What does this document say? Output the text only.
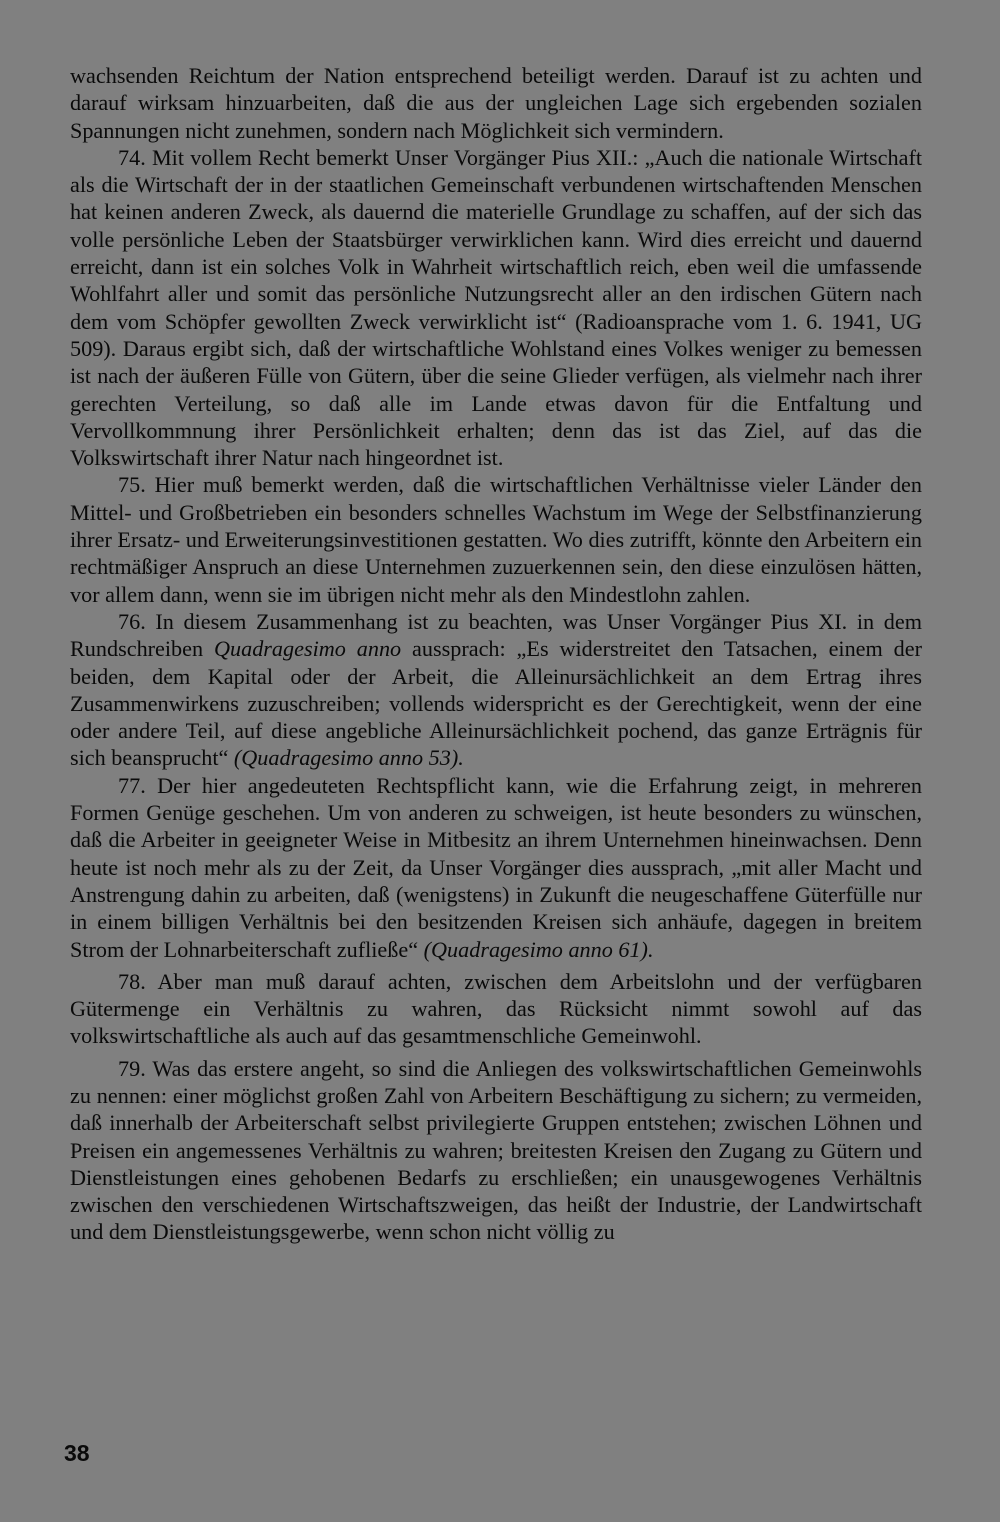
wachsenden Reichtum der Nation entsprechend beteiligt werden. Darauf ist zu achten und darauf wirksam hinzuarbeiten, daß die aus der ungleichen Lage sich ergebenden sozialen Spannungen nicht zunehmen, sondern nach Möglichkeit sich vermindern.

74. Mit vollem Recht bemerkt Unser Vorgänger Pius XII.: „Auch die nationale Wirtschaft als die Wirtschaft der in der staatlichen Gemeinschaft verbundenen wirtschaftenden Menschen hat keinen anderen Zweck, als dauernd die materielle Grundlage zu schaffen, auf der sich das volle persönliche Leben der Staatsbürger verwirklichen kann. Wird dies erreicht und dauernd erreicht, dann ist ein solches Volk in Wahrheit wirtschaftlich reich, eben weil die umfassende Wohlfahrt aller und somit das persönliche Nutzungsrecht aller an den irdischen Gütern nach dem vom Schöpfer gewollten Zweck verwirklicht ist“ (Radioansprache vom 1. 6. 1941, UG 509). Daraus ergibt sich, daß der wirtschaftliche Wohlstand eines Volkes weniger zu bemessen ist nach der äußeren Fülle von Gütern, über die seine Glieder verfügen, als vielmehr nach ihrer gerechten Verteilung, so daß alle im Lande etwas davon für die Entfaltung und Vervollkommnung ihrer Persönlichkeit erhalten; denn das ist das Ziel, auf das die Volkswirtschaft ihrer Natur nach hingeordnet ist.

75. Hier muß bemerkt werden, daß die wirtschaftlichen Verhältnisse vieler Länder den Mittel- und Großbetrieben ein besonders schnelles Wachstum im Wege der Selbstfinanzierung ihrer Ersatz- und Erweiterungsinvestitionen gestatten. Wo dies zutrifft, könnte den Arbeitern ein rechtmäßiger Anspruch an diese Unternehmen zuzuerkennen sein, den diese einzulösen hätten, vor allem dann, wenn sie im übrigen nicht mehr als den Mindestlohn zahlen.

76. In diesem Zusammenhang ist zu beachten, was Unser Vorgänger Pius XI. in dem Rundschreiben Quadragesimo anno aussprach: „Es widerstreitet den Tatsachen, einem der beiden, dem Kapital oder der Arbeit, die Alleinursächlichkeit an dem Ertrag ihres Zusammenwirkens zuzuschreiben; vollends widerspricht es der Gerechtigkeit, wenn der eine oder andere Teil, auf diese angebliche Alleinursächlichkeit pochend, das ganze Erträgnis für sich beansprucht“ (Quadragesimo anno 53).

77. Der hier angedeuteten Rechtspflicht kann, wie die Erfahrung zeigt, in mehreren Formen Genüge geschehen. Um von anderen zu schweigen, ist heute besonders zu wünschen, daß die Arbeiter in geeigneter Weise in Mitbesitz an ihrem Unternehmen hineinwachsen. Denn heute ist noch mehr als zu der Zeit, da Unser Vorgänger dies aussprach, „mit aller Macht und Anstrengung dahin zu arbeiten, daß (wenigstens) in Zukunft die neugeschaffene Güterfülle nur in einem billigen Verhältnis bei den besitzenden Kreisen sich anhäufe, dagegen in breitem Strom der Lohnarbeiterschaft zufließe“ (Quadragesimo anno 61).

78. Aber man muß darauf achten, zwischen dem Arbeitslohn und der verfügbaren Gütermenge ein Verhältnis zu wahren, das Rücksicht nimmt sowohl auf das volkswirtschaftliche als auch auf das gesamtmenschliche Gemeinwohl.

79. Was das erstere angeht, so sind die Anliegen des volkswirtschaftlichen Gemeinwohls zu nennen: einer möglichst großen Zahl von Arbeitern Beschäftigung zu sichern; zu vermeiden, daß innerhalb der Arbeiterschaft selbst privilegierte Gruppen entstehen; zwischen Löhnen und Preisen ein angemessenes Verhältnis zu wahren; breitesten Kreisen den Zugang zu Gütern und Dienstleistungen eines gehobenen Bedarfs zu erschließen; ein unausgewogenes Verhältnis zwischen den verschiedenen Wirtschaftszweigen, das heißt der Industrie, der Landwirtschaft und dem Dienstleistungsgewerbe, wenn schon nicht völlig zu

38
